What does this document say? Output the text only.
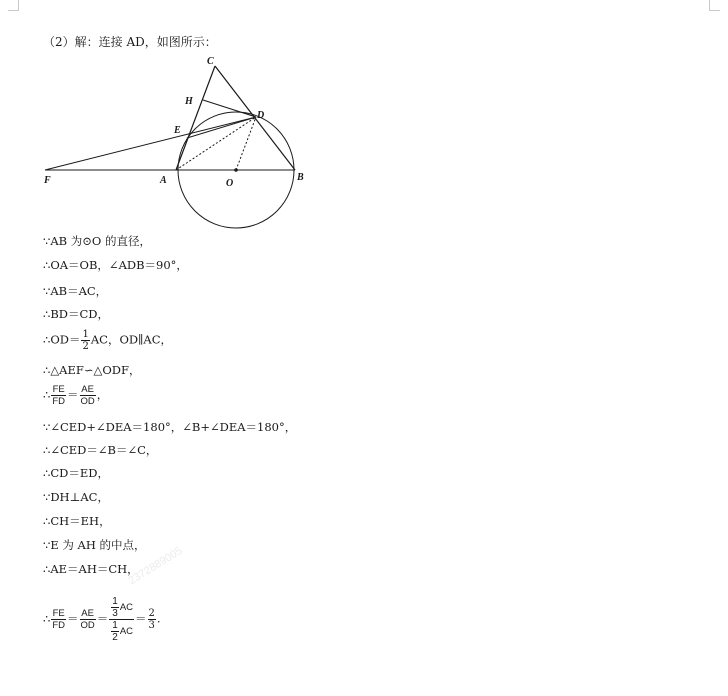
（2）解：连接 AD，如图所示：
C
H
D
E
F	A	O
B
∵AB 为⊙O 的直径，
∴OA＝OB，∠ADB＝90°，
∵AB＝AC，
∴BD＝CD，
∴OD＝ $\frac{1}{2}$ AC，OD∥AC，
∴△AEF∽△ODF，
∴ $\frac{FE}{FD} = \frac{AE}{OD}$ ，
∵∠CED+∠DEA＝180°，∠B+∠DEA＝180°，
∴∠CED＝∠B＝∠C，
∴CD＝ED，
∵DH⊥AC，
∴CH＝EH，
∵E 为 AH 的中点，
∴AE＝AH＝CH，
∴ $\frac{FE}{FD} = \frac{AE}{OD} = \frac{\frac{1}{3} AC}{\frac{1}{2} AC} = \frac{2}{3}$ .
2372889005
